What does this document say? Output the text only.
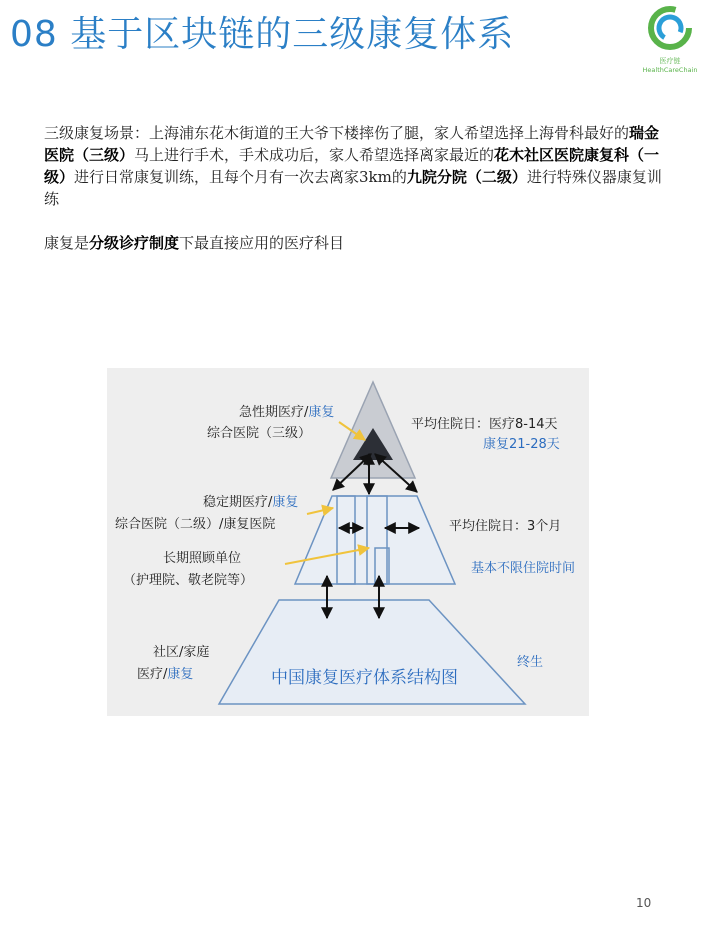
08 基于区块链的三级康复体系
医疗链
HealthCareChain
三级康复场景：上海浦东花木街道的王大爷下楼摔伤了腿，家人希望选择上海骨科最好的瑞金医院（三级）马上进行手术，手术成功后，家人希望选择离家最近的花木社区医院康复科（一级）进行日常康复训练，且每个月有一次去离家3km的九院分院（二级）进行特殊仪器康复训练
康复是分级诊疗制度下最直接应用的医疗科目
急性期医疗/康复
综合医院（三级）
平均住院日：医疗8-14天
康复21-28天
稳定期医疗/康复
综合医院（二级）/康复医院	平均住院日：3个月
长期照顾单位
（护理院、敬老院等）
基本不限住院时间
社区/家庭
医疗/康复
终生
中国康复医疗体系结构图
10
